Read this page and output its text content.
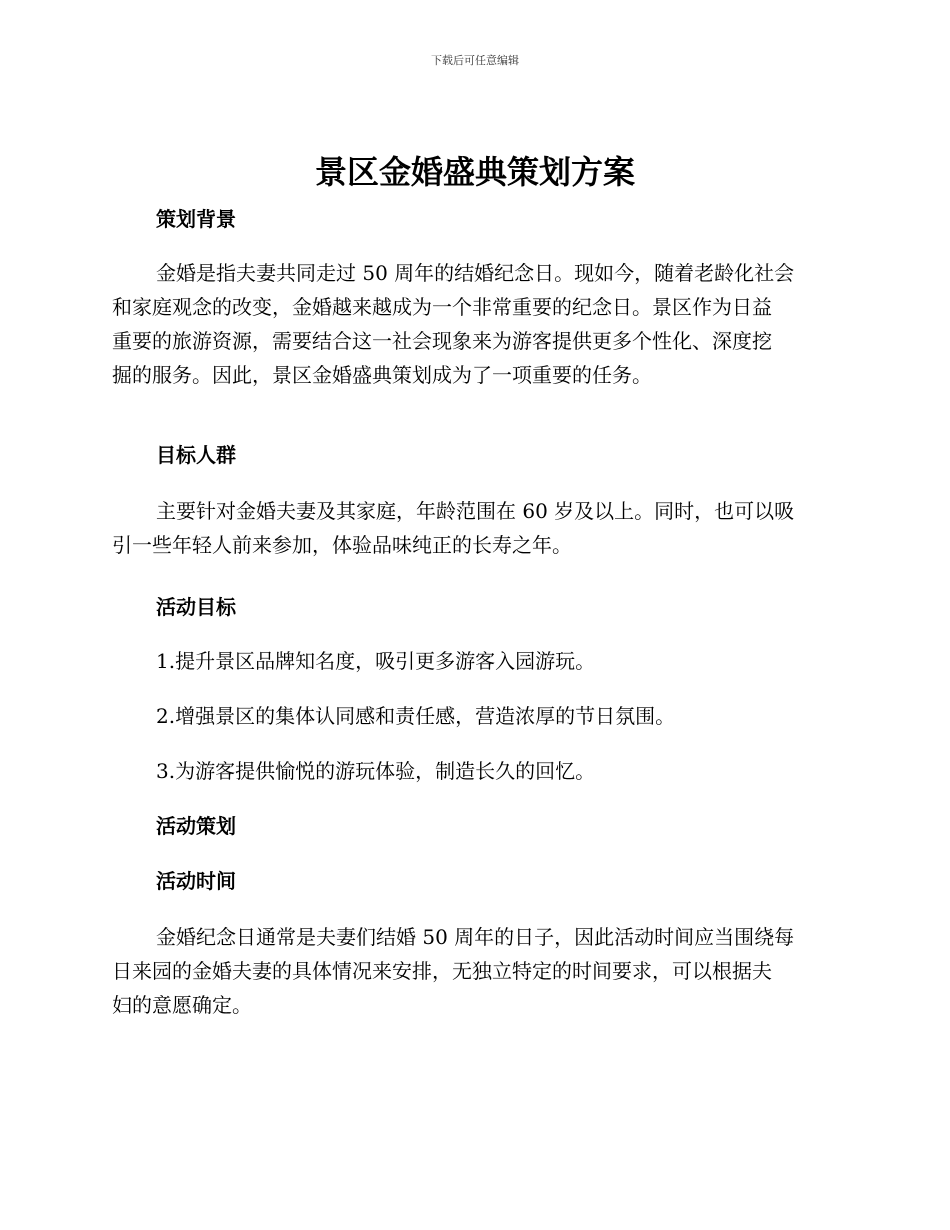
下载后可任意编辑
景区金婚盛典策划方案
策划背景

金婚是指夫妻共同走过 50 周年的结婚纪念日。现如今，随着老龄化社会
和家庭观念的改变，金婚越来越成为一个非常重要的纪念日。景区作为日益
重要的旅游资源，需要结合这一社会现象来为游客提供更多个性化、深度挖
掘的服务。因此，景区金婚盛典策划成为了一项重要的任务。

目标人群

主要针对金婚夫妻及其家庭，年龄范围在 60 岁及以上。同时，也可以吸
引一些年轻人前来参加，体验品味纯正的长寿之年。

活动目标

1.提升景区品牌知名度，吸引更多游客入园游玩。

2.增强景区的集体认同感和责任感，营造浓厚的节日氛围。

3.为游客提供愉悦的游玩体验，制造长久的回忆。

活动策划
活动时间

金婚纪念日通常是夫妻们结婚 50 周年的日子，因此活动时间应当围绕每
日来园的金婚夫妻的具体情况来安排，无独立特定的时间要求，可以根据夫
妇的意愿确定。
